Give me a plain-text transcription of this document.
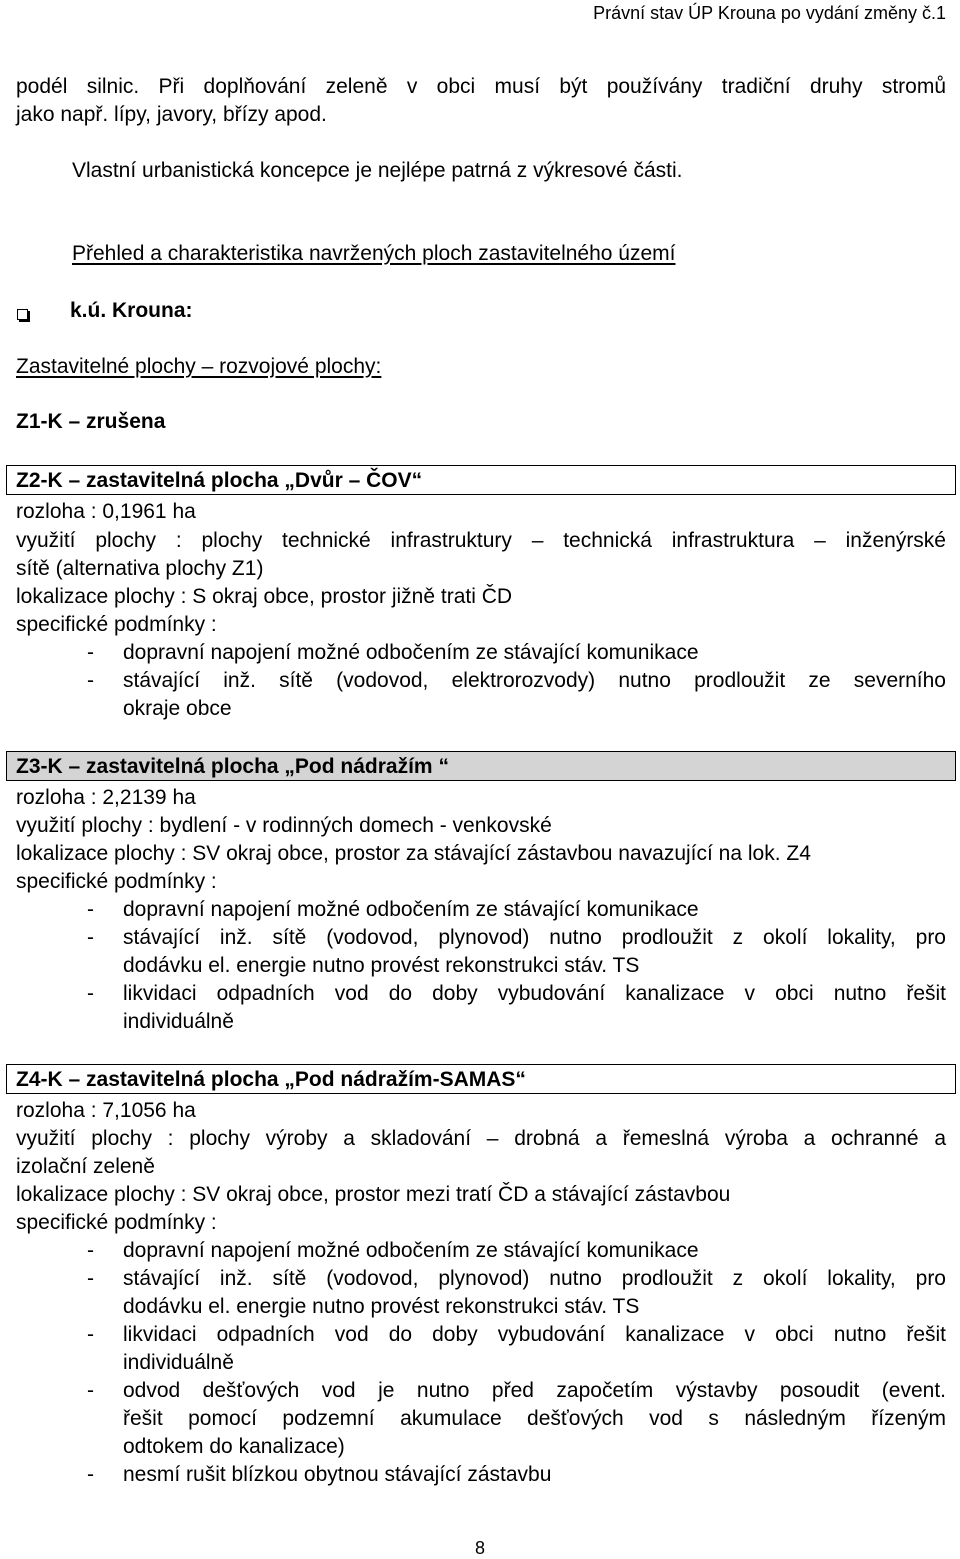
Právní stav ÚP Krouna po vydání změny č.1
podél silnic. Při doplňování zeleně v obci musí být používány tradiční druhy stromů
jako např. lípy, javory, břízy apod.
Vlastní urbanistická koncepce je nejlépe patrná z výkresové části.
Přehled a charakteristika navržených ploch zastavitelného území
k.ú. Krouna:
Zastavitelné plochy – rozvojové plochy:
Z1-K – zrušena
Z2-K – zastavitelná plocha „Dvůr – ČOV“
rozloha : 0,1961 ha
využití plochy : plochy technické infrastruktury – technická infrastruktura – inženýrské
sítě (alternativa plochy Z1)
lokalizace plochy : S okraj obce, prostor jižně trati ČD
specifické podmínky :
- dopravní napojení možné odbočením ze stávající komunikace
- stávající inž. sítě (vodovod, elektrorozvody) nutno prodloužit ze severního
okraje obce
Z3-K – zastavitelná plocha „Pod nádražím “
rozloha : 2,2139 ha
využití plochy : bydlení - v rodinných domech - venkovské
lokalizace plochy : SV okraj obce, prostor za stávající zástavbou navazující na lok. Z4
specifické podmínky :
- dopravní napojení možné odbočením ze stávající komunikace
- stávající inž. sítě (vodovod, plynovod) nutno prodloužit z okolí lokality, pro
dodávku el. energie nutno provést rekonstrukci stáv. TS
- likvidaci odpadních vod do doby vybudování kanalizace v obci nutno řešit
individuálně
Z4-K – zastavitelná plocha „Pod nádražím-SAMAS“
rozloha : 7,1056 ha
využití plochy : plochy výroby a skladování – drobná a řemeslná výroba a ochranné a
izolační zeleně
lokalizace plochy : SV okraj obce, prostor mezi tratí ČD a stávající zástavbou
specifické podmínky :
- dopravní napojení možné odbočením ze stávající komunikace
- stávající inž. sítě (vodovod, plynovod) nutno prodloužit z okolí lokality, pro
dodávku el. energie nutno provést rekonstrukci stáv. TS
- likvidaci odpadních vod do doby vybudování kanalizace v obci nutno řešit
individuálně
- odvod dešťových vod je nutno před započetím výstavby posoudit (event.
řešit pomocí podzemní akumulace dešťových vod s následným řízeným
odtokem do kanalizace)
- nesmí rušit blízkou obytnou stávající zástavbu
8
